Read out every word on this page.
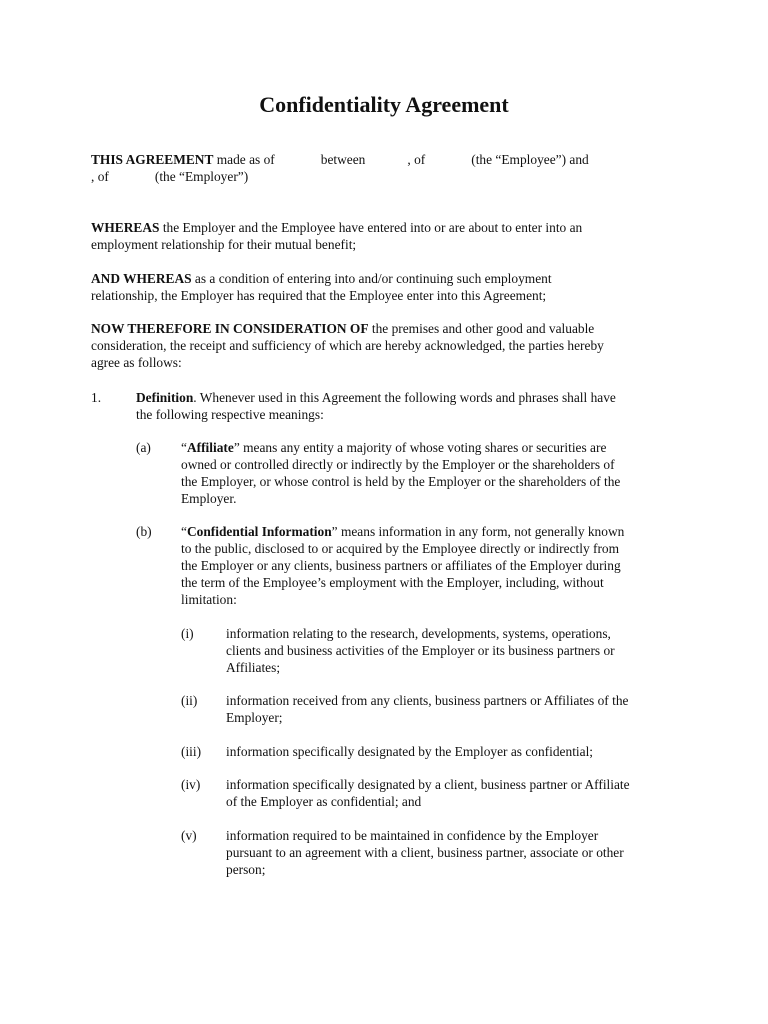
Confidentiality Agreement
THIS AGREEMENT made as of	between	, of	(the “Employee”) and
, of	(the “Employer”)
WHEREAS the Employer and the Employee have entered into or are about to enter into an
employment relationship for their mutual benefit;
AND WHEREAS as a condition of entering into and/or continuing such employment
relationship, the Employer has required that the Employee enter into this Agreement;
NOW THEREFORE IN CONSIDERATION OF the premises and other good and valuable
consideration, the receipt and sufficiency of which are hereby acknowledged, the parties hereby
agree as follows:
1.	Definition. Whenever used in this Agreement the following words and phrases shall have
the following respective meanings:
(a) “Affiliate” means any entity a majority of whose voting shares or securities are
owned or controlled directly or indirectly by the Employer or the shareholders of
the Employer, or whose control is held by the Employer or the shareholders of the
Employer.
(b) “Confidential Information” means information in any form, not generally known
to the public, disclosed to or acquired by the Employee directly or indirectly from
the Employer or any clients, business partners or affiliates of the Employer during
the term of the Employee’s employment with the Employer, including, without
limitation:
(i) information relating to the research, developments, systems, operations,
clients and business activities of the Employer or its business partners or
Affiliates;
(ii) information received from any clients, business partners or Affiliates of the
Employer;
(iii) information specifically designated by the Employer as confidential;
(iv) information specifically designated by a client, business partner or Affiliate
of the Employer as confidential; and
(v) information required to be maintained in confidence by the Employer
pursuant to an agreement with a client, business partner, associate or other
person;
